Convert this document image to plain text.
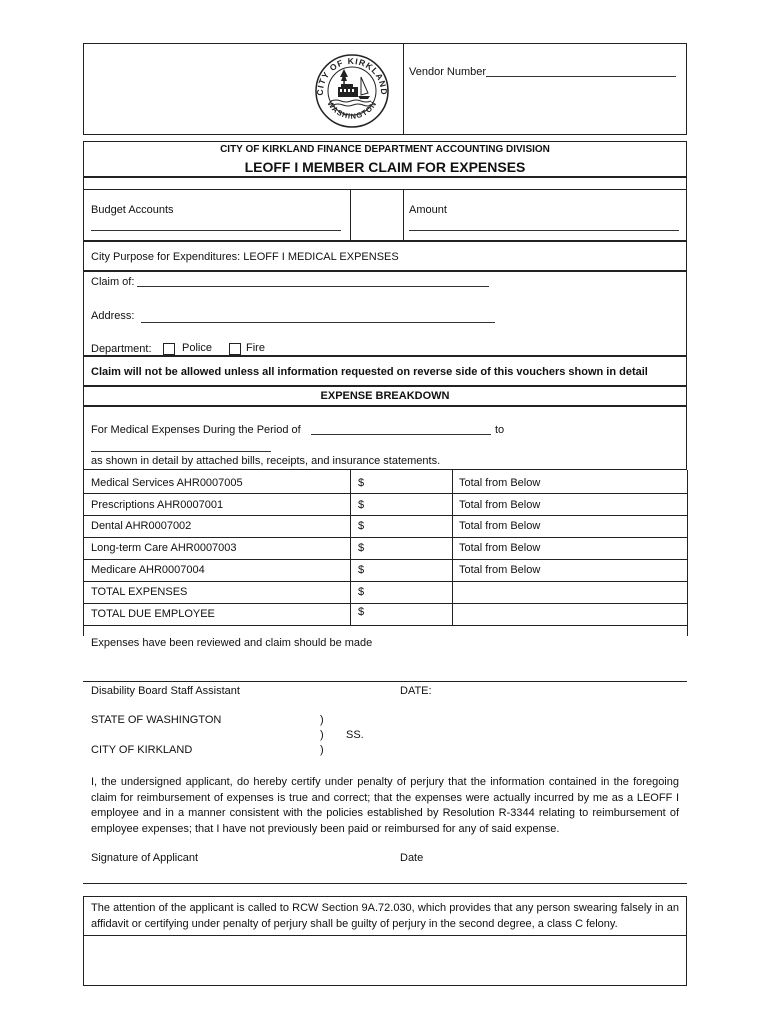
CITY OF KIRKLAND
WASHINGTON
Vendor Number
CITY OF KIRKLAND FINANCE DEPARTMENT ACCOUNTING DIVISION
LEOFF I MEMBER CLAIM FOR EXPENSES
Budget Accounts	Amount
City Purpose for Expenditures: LEOFF I MEDICAL EXPENSES
Claim of:
Address:
Department:	Police	Fire
Claim will not be allowed unless all information requested on reverse side of this vouchers shown in detail
EXPENSE BREAKDOWN
For Medical Expenses During the Period of	to
as shown in detail by attached bills, receipts, and insurance statements.
Medical Services AHR0007005	$	Total from Below
Prescriptions AHR0007001	$	Total from Below
Dental AHR0007002	$	Total from Below
Long-term Care AHR0007003	$	Total from Below
Medicare AHR0007004	$	Total from Below
TOTAL EXPENSES	$
TOTAL DUE EMPLOYEE	$
Expenses have been reviewed and claim should be made
Disability Board Staff Assistant	DATE:
STATE OF WASHINGTON	)
) SS.
)
CITY OF KIRKLAND
I, the undersigned applicant, do hereby certify under penalty of perjury that the information contained in the foregoing claim for reimbursement of expenses is true and correct; that the expenses were actually incurred by me as a LEOFF I employee and in a manner consistent with the policies established by Resolution R-3344 relating to reimbursement of employee expenses; that I have not previously been paid or reimbursed for any of said expense.
Signature of Applicant	Date
The attention of the applicant is called to RCW Section 9A.72.030, which provides that any person swearing falsely in an affidavit or certifying under penalty of perjury shall be guilty of perjury in the second degree, a class C felony.
